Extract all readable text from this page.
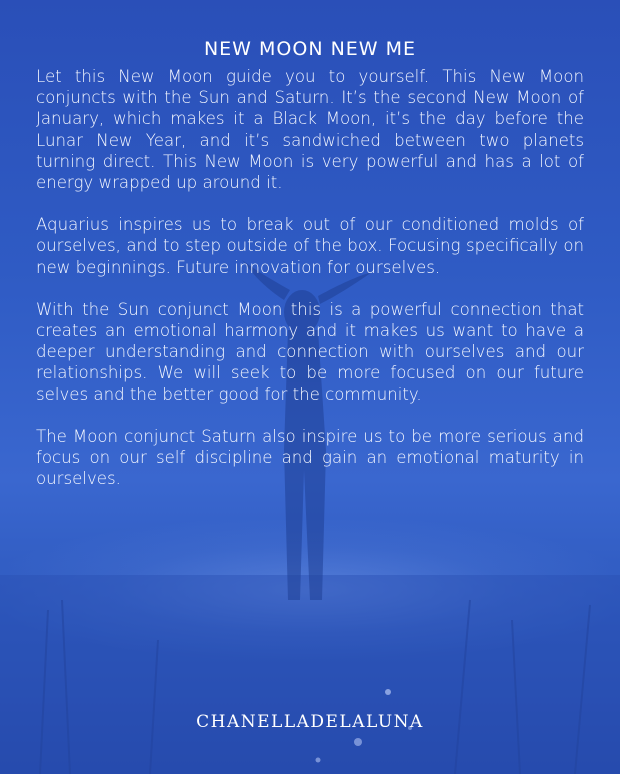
NEW MOON NEW ME

Let this New Moon guide you to yourself. This New Moon conjuncts with the Sun and Saturn. It’s the second New Moon of January, which makes it a Black Moon, it’s the day before the Lunar New Year, and it’s sandwiched between two planets turning direct. This New Moon is very powerful and has a lot of energy wrapped up around it.

Aquarius inspires us to break out of our conditioned molds of ourselves, and to step outside of the box. Focusing specifically on new beginnings. Future innovation for ourselves.

With the Sun conjunct Moon this is a powerful connection that creates an emotional harmony and it makes us want to have a deeper understanding and connection with ourselves and our relationships. We will seek to be more focused on our future selves and the better good for the community.

The Moon conjunct Saturn also inspire us to be more serious and focus on our self discipline and gain an emotional maturity in ourselves.

CHANELLADELALUNA
